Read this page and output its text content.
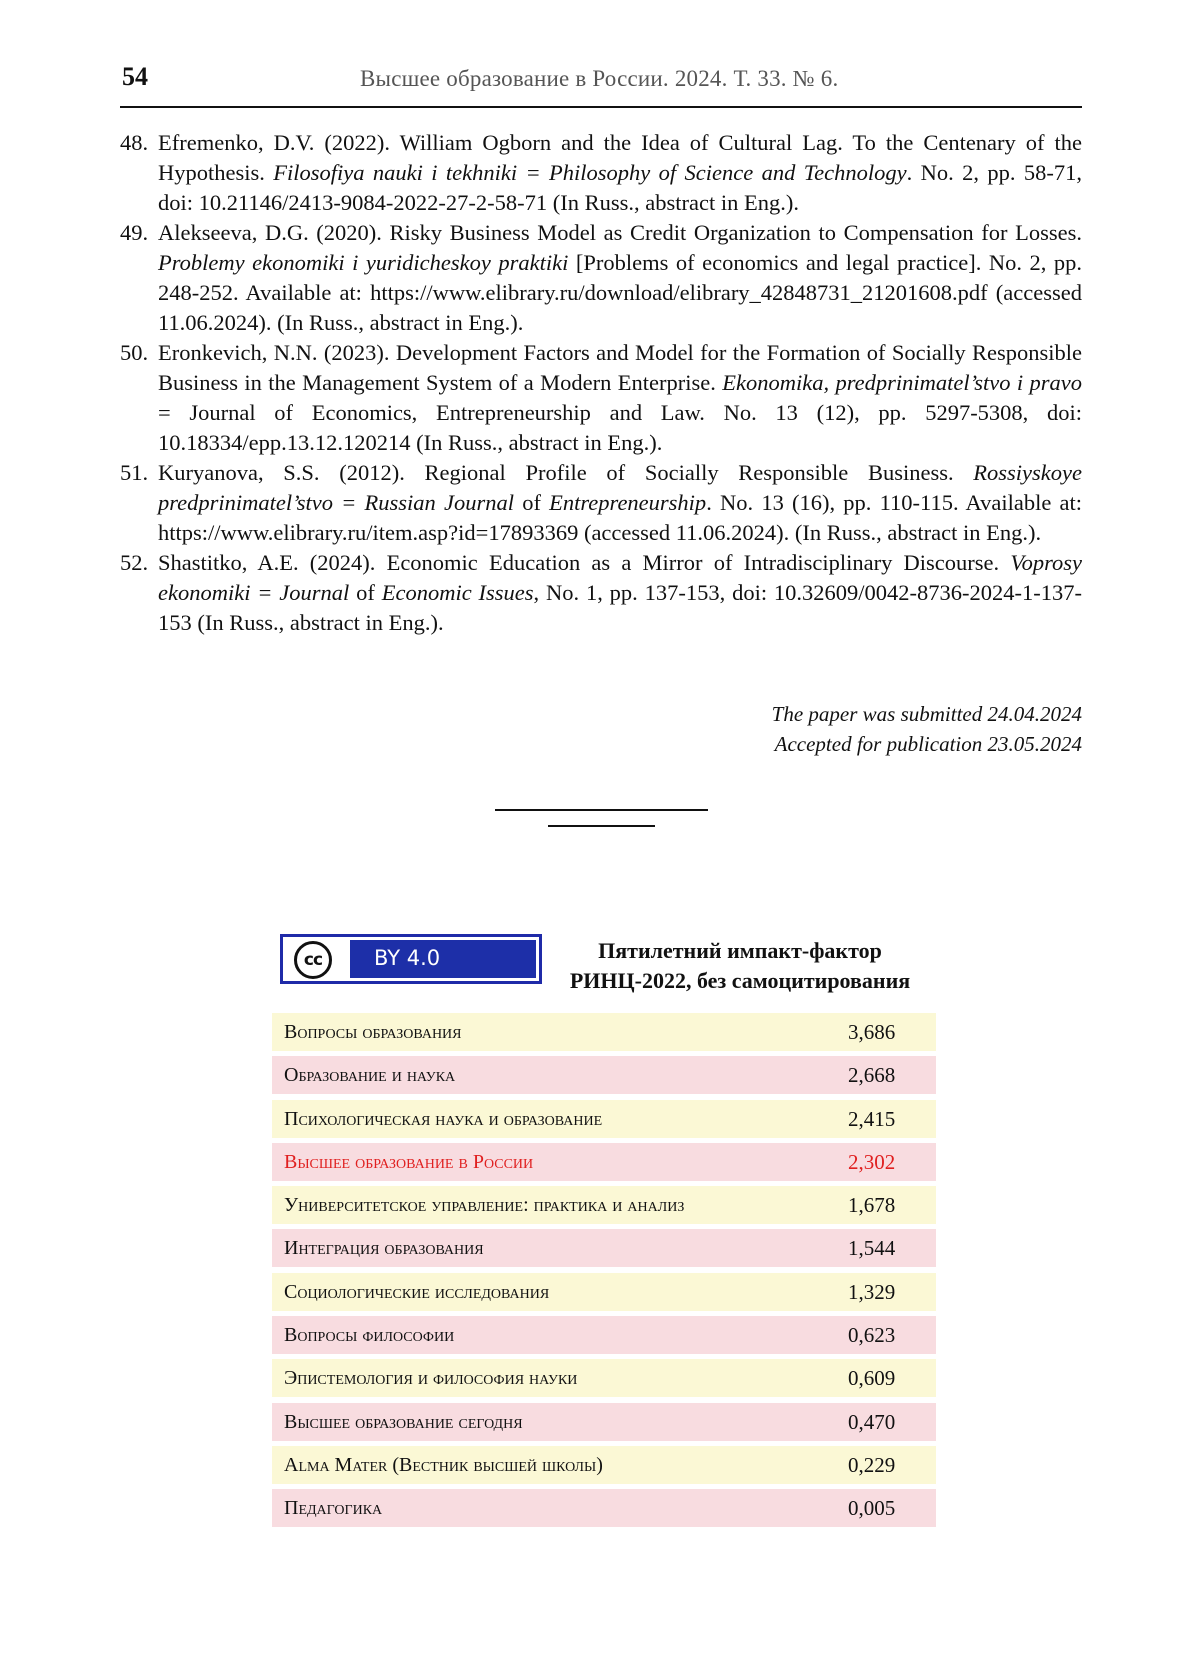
54	Высшее образование в России. 2024. Т. 33. № 6.
48. Efremenko, D.V. (2022). William Ogborn and the Idea of Cultural Lag. To the Centenary of the Hypothesis. Filosofiya nauki i tekhniki = Philosophy of Science and Technology. No. 2, pp. 58-71, doi: 10.21146/2413-9084-2022-27-2-58-71 (In Russ., abstract in Eng.).
49. Alekseeva, D.G. (2020). Risky Business Model as Credit Organization to Compensation for Losses. Problemy ekonomiki i yuridicheskoy praktiki [Problems of economics and legal practice]. No. 2, pp. 248-252. Available at: https://www.elibrary.ru/download/elibrary_42848731_21201608.pdf (accessed 11.06.2024). (In Russ., abstract in Eng.).
50. Eronkevich, N.N. (2023). Development Factors and Model for the Formation of Socially Responsible Business in the Management System of a Modern Enterprise. Ekonomika, predprinimatel’stvo i pravo = Journal of Economics, Entrepreneurship and Law. No. 13 (12), pp. 5297-5308, doi: 10.18334/epp.13.12.120214 (In Russ., abstract in Eng.).
51. Kuryanova, S.S. (2012). Regional Profile of Socially Responsible Business. Rossiyskoye predprinimatel’stvo = Russian Journal of Entrepreneurship. No. 13 (16), pp. 110-115. Available at: https://www.elibrary.ru/item.asp?id=17893369 (accessed 11.06.2024). (In Russ., abstract in Eng.).
52. Shastitko, A.E. (2024). Economic Education as a Mirror of Intradisciplinary Discourse. Voprosy ekonomiki = Journal of Economic Issues, No. 1, pp. 137-153, doi: 10.32609/0042-8736-2024-1-137-153 (In Russ., abstract in Eng.).
The paper was submitted 24.04.2024
Accepted for publication 23.05.2024
cc	BY 4.0	Пятилетний импакт-фактор
РИНЦ-2022, без самоцитирования
Вопросы образования	3,686
Образование и наука	2,668
Психологическая наука и образование	2,415
Высшее образование в России	2,302
Университетское управление: практика и анализ	1,678
Интеграция образования	1,544
Социологические исследования	1,329
Вопросы философии	0,623
Эпистемология и философия науки	0,609
Высшее образование сегодня	0,470
Alma Mater (Вестник высшей школы)	0,229
Педагогика	0,005
